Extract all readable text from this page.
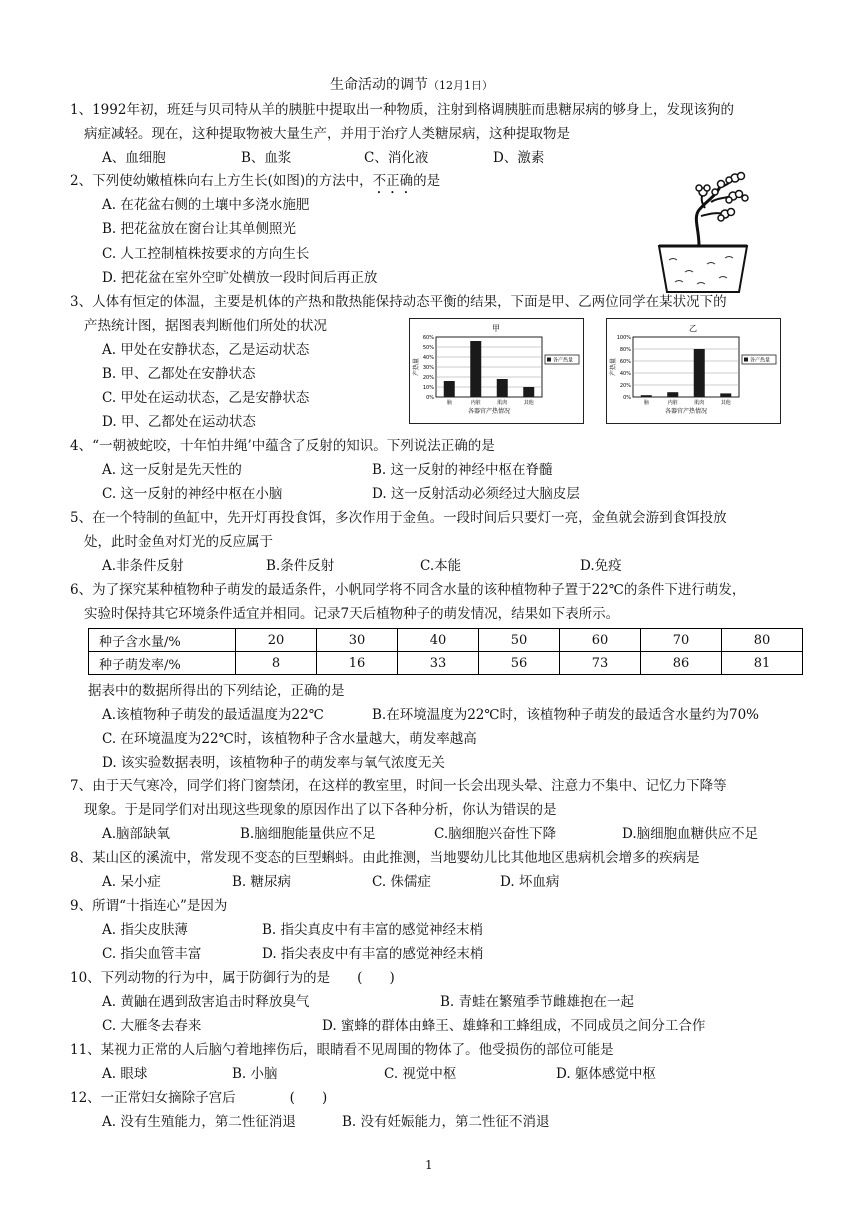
生命活动的调节（12月1日）
1、1992年初，班廷与贝司特从羊的胰脏中提取出一种物质，注射到格调胰脏而患糖尿病的够身上，发现该狗的
病症减轻。现在，这种提取物被大量生产，并用于治疗人类糖尿病，这种提取物是
A、血细胞	B、血浆	C、消化液	D、激素
2、下列使幼嫩植株向右上方生长(如图)的方法中，不正确的是
A. 在花盆右侧的土壤中多浇水施肥
B. 把花盆放在窗台让其单侧照光
C. 人工控制植株按要求的方向生长
D. 把花盆在室外空旷处横放一段时间后再正放
3、人体有恒定的体温，主要是机体的产热和散热能保持动态平衡的结果，下面是甲、乙两位同学在某状况下的
产热统计图，据图表判断他们所处的状况
A. 甲处在安静状态，乙是运动状态
B. 甲、乙都处在安静状态
C. 甲处在运动状态，乙是安静状态
D. 甲、乙都处在运动状态
甲
0%
10%
20%
30%
40%
50%
60%
产热量
脑	内脏	肌肉	其他
各器官产热情况
各产热量
乙
0%
20%
40%
60%
80%
100%
产热量
脑	内脏	肌肉	其他
各器官产热情况
各产热量
4、“一朝被蛇咬，十年怕井绳’中蕴含了反射的知识。下列说法正确的是
A. 这一反射是先天性的	B. 这一反射的神经中枢在脊髓
C. 这一反射的神经中枢在小脑	D. 这一反射活动必须经过大脑皮层
5、在一个特制的鱼缸中，先开灯再投食饵，多次作用于金鱼。一段时间后只要灯一亮，金鱼就会游到食饵投放
处，此时金鱼对灯光的反应属于
A.非条件反射	B.条件反射	C.本能	D.免疫
6、为了探究某种植物种子萌发的最适条件，小帆同学将不同含水量的该种植物种子置于22℃的条件下进行萌发，
实验时保持其它环境条件适宜并相同。记录7天后植物种子的萌发情况，结果如下表所示。
种子含水量/%	20	30	40	50	60	70	80
种子萌发率/%	8	16	33	56	73	86	81
据表中的数据所得出的下列结论，正确的是
A.该植物种子萌发的最适温度为22℃	B.在环境温度为22℃时，该植物种子萌发的最适含水量约为70%
C. 在环境温度为22℃时，该植物种子含水量越大，萌发率越高
D. 该实验数据表明，该植物种子的萌发率与氧气浓度无关
7、由于天气寒冷，同学们将门窗禁闭，在这样的教室里，时间一长会出现头晕、注意力不集中、记忆力下降等
现象。于是同学们对出现这些现象的原因作出了以下各种分析，你认为错误的是
A.脑部缺氧	B.脑细胞能量供应不足	C.脑细胞兴奋性下降	D.脑细胞血糖供应不足
8、某山区的溪流中，常发现不变态的巨型蝌蚪。由此推测，当地婴幼儿比其他地区患病机会增多的疾病是
A. 呆小症	B. 糖尿病	C. 侏儒症	D. 坏血病
9、所谓“十指连心”是因为
A. 指尖皮肤薄	B. 指尖真皮中有丰富的感觉神经末梢
C. 指尖血管丰富	D. 指尖表皮中有丰富的感觉神经末梢
10、下列动物的行为中，属于防御行为的是　　(　　)
A. 黄鼬在遇到敌害追击时释放臭气	B. 青蛙在繁殖季节雌雄抱在一起
C. 大雁冬去春来	D. 蜜蜂的群体由蜂王、雄蜂和工蜂组成，不同成员之间分工合作
11、某视力正常的人后脑勺着地摔伤后，眼睛看不见周围的物体了。他受损伤的部位可能是
A. 眼球	B. 小脑	C. 视觉中枢	D. 躯体感觉中枢
12、一正常妇女摘除子宫后　　　　(　　)
A. 没有生殖能力，第二性征消退	B. 没有妊娠能力，第二性征不消退
1
